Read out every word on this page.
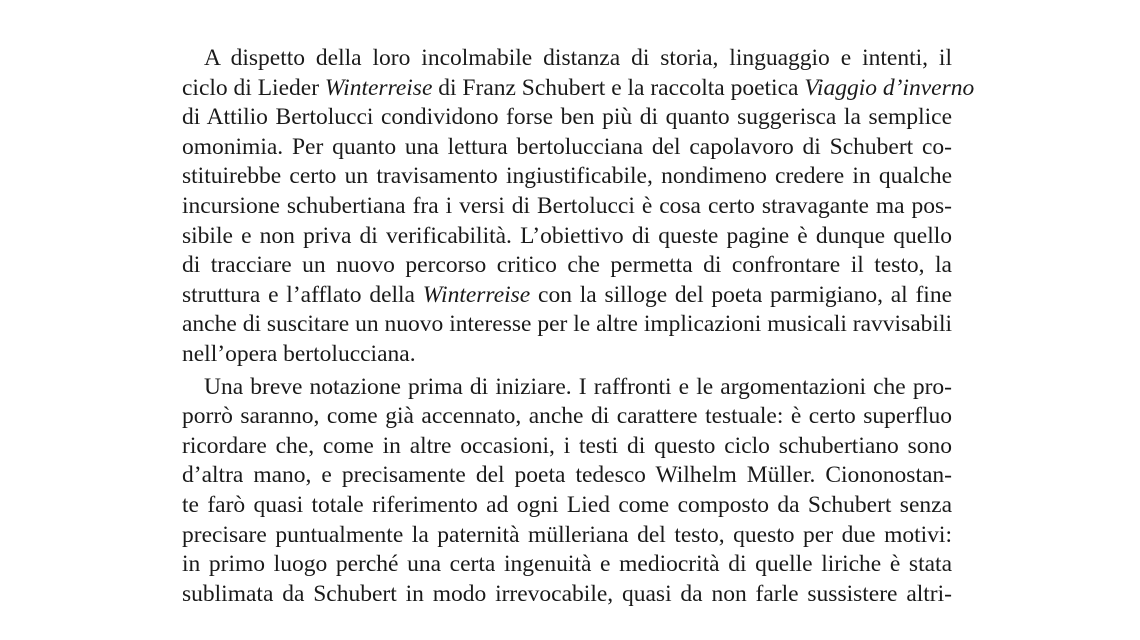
A dispetto della loro incolmabile distanza di storia, linguaggio e intenti, il
ciclo di Lieder Winterreise di Franz Schubert e la raccolta poetica Viaggio d’inverno
di Attilio Bertolucci condividono forse ben più di quanto suggerisca la semplice
omonimia. Per quanto una lettura bertolucciana del capolavoro di Schubert co-
stituirebbe certo un travisamento ingiustificabile, nondimeno credere in qualche
incursione schubertiana fra i versi di Bertolucci è cosa certo stravagante ma pos-
sibile e non priva di verificabilità. L’obiettivo di queste pagine è dunque quello
di tracciare un nuovo percorso critico che permetta di confrontare il testo, la
struttura e l’afflato della Winterreise con la silloge del poeta parmigiano, al fine
anche di suscitare un nuovo interesse per le altre implicazioni musicali ravvisabili
nell’opera bertolucciana.
Una breve notazione prima di iniziare. I raffronti e le argomentazioni che pro-
porrò saranno, come già accennato, anche di carattere testuale: è certo superfluo
ricordare che, come in altre occasioni, i testi di questo ciclo schubertiano sono
d’altra mano, e precisamente del poeta tedesco Wilhelm Müller. Ciononostan-
te farò quasi totale riferimento ad ogni Lied come composto da Schubert senza
precisare puntualmente la paternità mülleriana del testo, questo per due motivi:
in primo luogo perché una certa ingenuità e mediocrità di quelle liriche è stata
sublimata da Schubert in modo irrevocabile, quasi da non farle sussistere altri-
